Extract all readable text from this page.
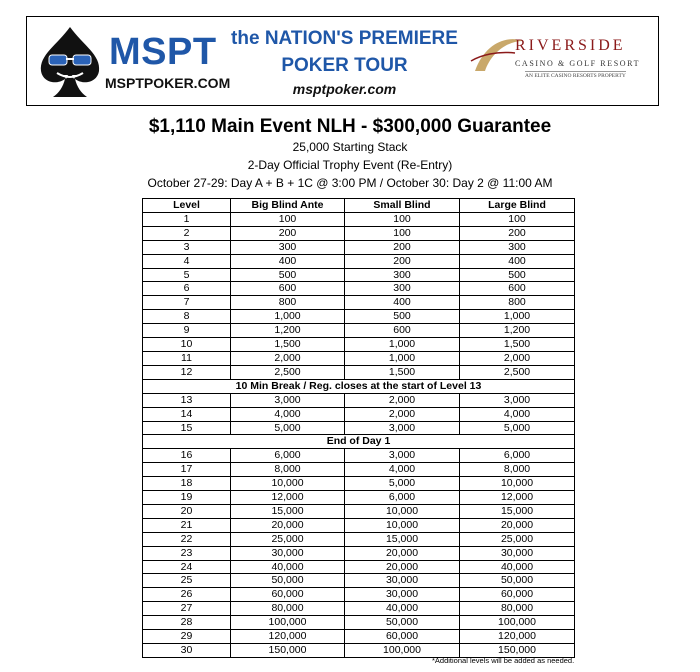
MSPT
MSPTPOKER.COM
the NATION'S PREMIERE
POKER TOUR
msptpoker.com
RIVERSIDE
CASINO & GOLF RESORT
AN ELITE CASINO RESORTS PROPERTY
$1,110 Main Event NLH - $300,000 Guarantee
25,000 Starting Stack
2-Day Official Trophy Event (Re-Entry)
October 27-29: Day A + B + 1C @ 3:00 PM / October 30: Day 2 @ 11:00 AM
Level	Big Blind Ante	Small Blind	Large Blind
1	100	100	100
2	200	100	200
3	300	200	300
4	400	200	400
5	500	300	500
6	600	300	600
7	800	400	800
8	1,000	500	1,000
9	1,200	600	1,200
10	1,500	1,000	1,500
11	2,000	1,000	2,000
12	2,500	1,500	2,500
10 Min Break / Reg. closes at the start of Level 13			
13	3,000	2,000	3,000
14	4,000	2,000	4,000
15	5,000	3,000	5,000
End of Day 1			
16	6,000	3,000	6,000
17	8,000	4,000	8,000
18	10,000	5,000	10,000
19	12,000	6,000	12,000
20	15,000	10,000	15,000
21	20,000	10,000	20,000
22	25,000	15,000	25,000
23	30,000	20,000	30,000
24	40,000	20,000	40,000
25	50,000	30,000	50,000
26	60,000	30,000	60,000
27	80,000	40,000	80,000
28	100,000	50,000	100,000
29	120,000	60,000	120,000
30	150,000	100,000	150,000
*Additional levels will be added as needed.
